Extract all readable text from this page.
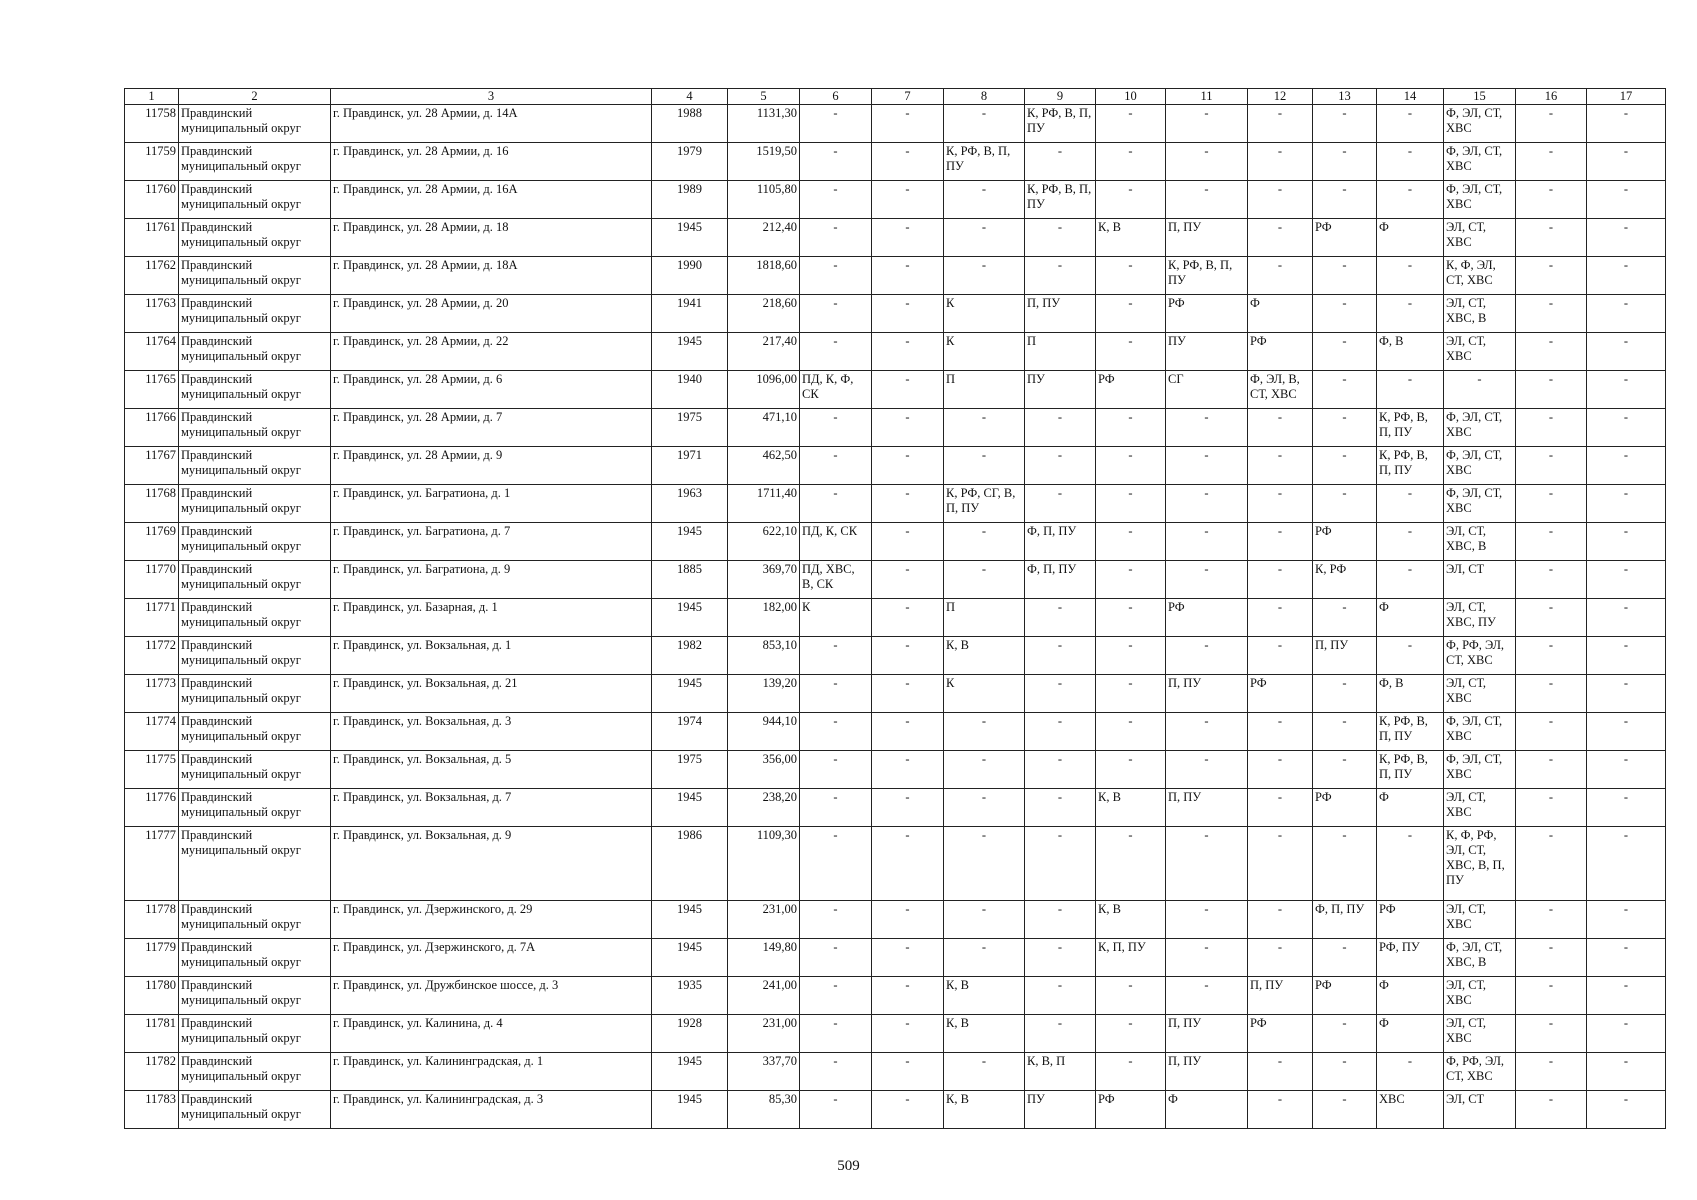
1	2	3	4	5	6	7	8	9	10	11	12	13	14	15	16	17
11758	Правдинский муниципальный округ	г. Правдинск, ул. 28 Армии, д. 14А	1988	1131,30	-	-	-	К, РФ, В, П, ПУ	-	-	-	-	-	Ф, ЭЛ, СТ, ХВС	-	-
11759	Правдинский муниципальный округ	г. Правдинск, ул. 28 Армии, д. 16	1979	1519,50	-	-	К, РФ, В, П, ПУ	-	-	-	-	-	-	Ф, ЭЛ, СТ, ХВС	-	-
11760	Правдинский муниципальный округ	г. Правдинск, ул. 28 Армии, д. 16А	1989	1105,80	-	-	-	К, РФ, В, П, ПУ	-	-	-	-	-	Ф, ЭЛ, СТ, ХВС	-	-
11761	Правдинский муниципальный округ	г. Правдинск, ул. 28 Армии, д. 18	1945	212,40	-	-	-	-	К, В	П, ПУ	-	РФ	Ф	ЭЛ, СТ, ХВС	-	-
11762	Правдинский муниципальный округ	г. Правдинск, ул. 28 Армии, д. 18А	1990	1818,60	-	-	-	-	-	К, РФ, В, П, ПУ	-	-	-	К, Ф, ЭЛ, СТ, ХВС	-	-
11763	Правдинский муниципальный округ	г. Правдинск, ул. 28 Армии, д. 20	1941	218,60	-	-	К	П, ПУ	-	РФ	Ф	-	-	ЭЛ, СТ, ХВС, В	-	-
11764	Правдинский муниципальный округ	г. Правдинск, ул. 28 Армии, д. 22	1945	217,40	-	-	К	П	-	ПУ	РФ	-	Ф, В	ЭЛ, СТ, ХВС	-	-
11765	Правдинский муниципальный округ	г. Правдинск, ул. 28 Армии, д. 6	1940	1096,00	ПД, К, Ф, СК	-	П	ПУ	РФ	СГ	Ф, ЭЛ, В, СТ, ХВС	-	-	-	-	-
11766	Правдинский муниципальный округ	г. Правдинск, ул. 28 Армии, д. 7	1975	471,10	-	-	-	-	-	-	-	-	К, РФ, В, П, ПУ	Ф, ЭЛ, СТ, ХВС	-	-
11767	Правдинский муниципальный округ	г. Правдинск, ул. 28 Армии, д. 9	1971	462,50	-	-	-	-	-	-	-	-	К, РФ, В, П, ПУ	Ф, ЭЛ, СТ, ХВС	-	-
11768	Правдинский муниципальный округ	г. Правдинск, ул. Багратиона, д. 1	1963	1711,40	-	-	К, РФ, СГ, В, П, ПУ	-	-	-	-	-	-	Ф, ЭЛ, СТ, ХВС	-	-
11769	Правдинский муниципальный округ	г. Правдинск, ул. Багратиона, д. 7	1945	622,10	ПД, К, СК	-	-	Ф, П, ПУ	-	-	-	РФ	-	ЭЛ, СТ, ХВС, В	-	-
11770	Правдинский муниципальный округ	г. Правдинск, ул. Багратиона, д. 9	1885	369,70	ПД, ХВС, В, СК	-	-	Ф, П, ПУ	-	-	-	К, РФ	-	ЭЛ, СТ	-	-
11771	Правдинский муниципальный округ	г. Правдинск, ул. Базарная, д. 1	1945	182,00	К	-	П	-	-	РФ	-	-	Ф	ЭЛ, СТ, ХВС, ПУ	-	-
11772	Правдинский муниципальный округ	г. Правдинск, ул. Вокзальная, д. 1	1982	853,10	-	-	К, В	-	-	-	-	П, ПУ	-	Ф, РФ, ЭЛ, СТ, ХВС	-	-
11773	Правдинский муниципальный округ	г. Правдинск, ул. Вокзальная, д. 21	1945	139,20	-	-	К	-	-	П, ПУ	РФ	-	Ф, В	ЭЛ, СТ, ХВС	-	-
11774	Правдинский муниципальный округ	г. Правдинск, ул. Вокзальная, д. 3	1974	944,10	-	-	-	-	-	-	-	-	К, РФ, В, П, ПУ	Ф, ЭЛ, СТ, ХВС	-	-
11775	Правдинский муниципальный округ	г. Правдинск, ул. Вокзальная, д. 5	1975	356,00	-	-	-	-	-	-	-	-	К, РФ, В, П, ПУ	Ф, ЭЛ, СТ, ХВС	-	-
11776	Правдинский муниципальный округ	г. Правдинск, ул. Вокзальная, д. 7	1945	238,20	-	-	-	-	К, В	П, ПУ	-	РФ	Ф	ЭЛ, СТ, ХВС	-	-
11777	Правдинский муниципальный округ	г. Правдинск, ул. Вокзальная, д. 9	1986	1109,30	-	-	-	-	-	-	-	-	-	К, Ф, РФ, ЭЛ, СТ, ХВС, В, П, ПУ	-	-
11778	Правдинский муниципальный округ	г. Правдинск, ул. Дзержинского, д. 29	1945	231,00	-	-	-	-	К, В	-	-	Ф, П, ПУ	РФ	ЭЛ, СТ, ХВС	-	-
11779	Правдинский муниципальный округ	г. Правдинск, ул. Дзержинского, д. 7А	1945	149,80	-	-	-	-	К, П, ПУ	-	-	-	РФ, ПУ	Ф, ЭЛ, СТ, ХВС, В	-	-
11780	Правдинский муниципальный округ	г. Правдинск, ул. Дружбинское шоссе, д. 3	1935	241,00	-	-	К, В	-	-	-	П, ПУ	РФ	Ф	ЭЛ, СТ, ХВС	-	-
11781	Правдинский муниципальный округ	г. Правдинск, ул. Калинина, д. 4	1928	231,00	-	-	К, В	-	-	П, ПУ	РФ	-	Ф	ЭЛ, СТ, ХВС	-	-
11782	Правдинский муниципальный округ	г. Правдинск, ул. Калининградская, д. 1	1945	337,70	-	-	-	К, В, П	-	П, ПУ	-	-	-	Ф, РФ, ЭЛ, СТ, ХВС	-	-
11783	Правдинский муниципальный округ	г. Правдинск, ул. Калининградская, д. 3	1945	85,30	-	-	К, В	ПУ	РФ	Ф	-	-	ХВС	ЭЛ, СТ	-	-
509
